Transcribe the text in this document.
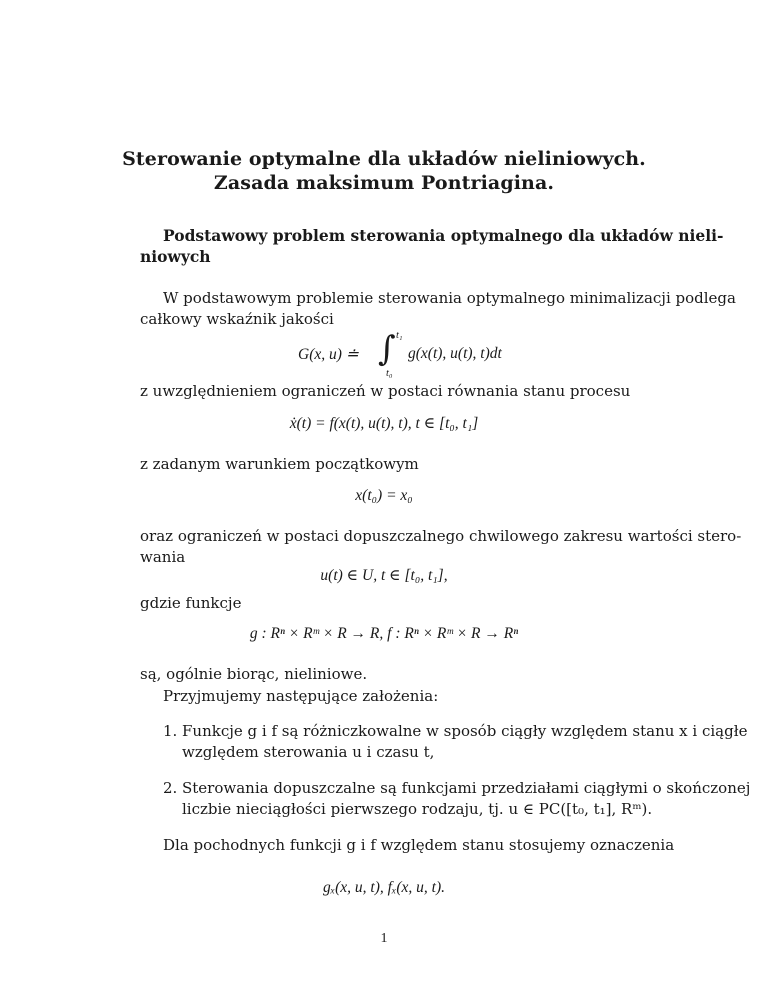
Sterowanie optymalne dla układów nieliniowych.
Zasada maksimum Pontriagina.
Podstawowy problem sterowania optymalnego dla układów nieli-
niowych
W podstawowym problemie sterowania optymalnego minimalizacji podlega
całkowy wskaźnik jakości
G(x, u) ≐ ∫ t₁
t₀
g(x(t), u(t), t)dt
z uwzględnieniem ograniczeń w postaci równania stanu procesu
ẋ(t) = f(x(t), u(t), t), t ∈ [t₀, t₁]
z zadanym warunkiem początkowym
x(t₀) = x₀
oraz ograniczeń w postaci dopuszczalnego chwilowego zakresu wartości stero-
wania
u(t) ∈ U, t ∈ [t₀, t₁],
gdzie funkcje
g : Rⁿ × Rᵐ × R → R, f : Rⁿ × Rᵐ × R → Rⁿ
są, ogólnie biorąc, nieliniowe.
Przyjmujemy następujące założenia:
1. Funkcje g i f są różniczkowalne w sposób ciągły względem stanu x i ciągłe
względem sterowania u i czasu t,
2. Sterowania dopuszczalne są funkcjami przedziałami ciągłymi o skończonej
liczbie nieciągłości pierwszego rodzaju, tj. u ∈ PC([t₀, t₁], Rᵐ).
Dla pochodnych funkcji g i f względem stanu stosujemy oznaczenia
gₓ(x, u, t), fₓ(x, u, t).
1
